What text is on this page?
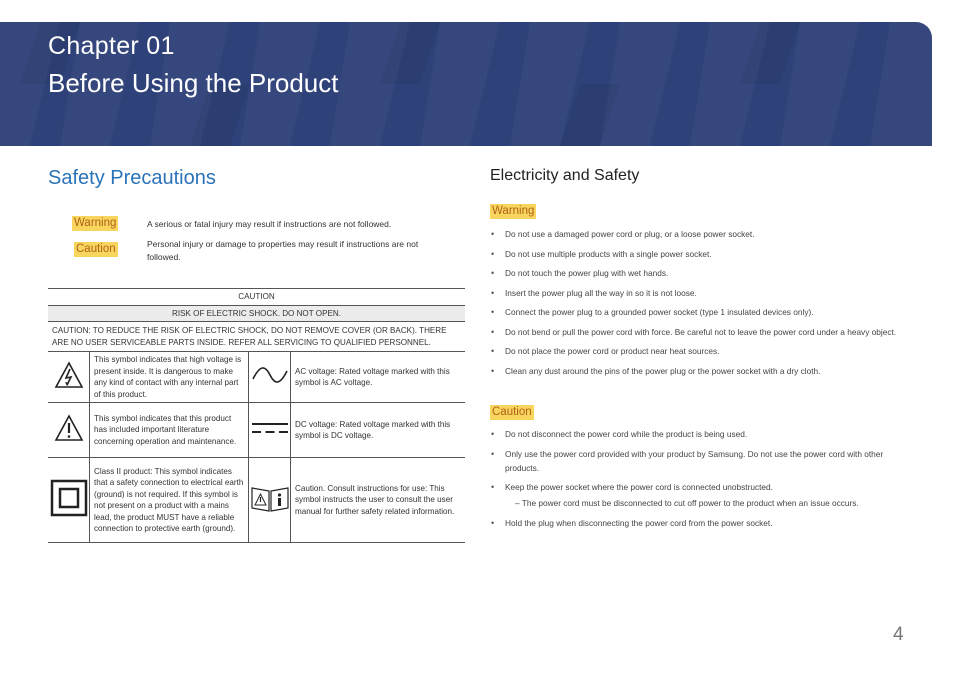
Chapter 01
Before Using the Product
Safety Precautions
Warning	A serious or fatal injury may result if instructions are not followed.
Caution	Personal injury or damage to properties may result if instructions are not followed.
CAUTION			
RISK OF ELECTRIC SHOCK. DO NOT OPEN.			
CAUTION: TO REDUCE THE RISK OF ELECTRIC SHOCK, DO NOT REMOVE COVER (OR BACK). THERE ARE NO USER SERVICEABLE PARTS INSIDE. REFER ALL SERVICING TO QUALIFIED PERSONNEL.			
	This symbol indicates that high voltage is present inside. It is dangerous to make any kind of contact with any internal part of this product.		AC voltage: Rated voltage marked with this symbol is AC voltage.
	This symbol indicates that this product has included important literature concerning operation and maintenance.		DC voltage: Rated voltage marked with this symbol is DC voltage.
	Class II product: This symbol indicates that a safety connection to electrical earth (ground) is not required. If this symbol is not present on a product with a mains lead, the product MUST have a reliable connection to protective earth (ground).		Caution. Consult instructions for use: This symbol instructs the user to consult the user manual for further safety related information.
Electricity and Safety
Warning
• Do not use a damaged power cord or plug, or a loose power socket.
• Do not use multiple products with a single power socket.
• Do not touch the power plug with wet hands.
• Insert the power plug all the way in so it is not loose.
• Connect the power plug to a grounded power socket (type 1 insulated devices only).
• Do not bend or pull the power cord with force. Be careful not to leave the power cord under a heavy object.
• Do not place the power cord or product near heat sources.
• Clean any dust around the pins of the power plug or the power socket with a dry cloth.
Caution
• Do not disconnect the power cord while the product is being used.
• Only use the power cord provided with your product by Samsung. Do not use the power cord with other products.
• Keep the power socket where the power cord is connected unobstructed.
– The power cord must be disconnected to cut off power to the product when an issue occurs.
• Hold the plug when disconnecting the power cord from the power socket.
4
